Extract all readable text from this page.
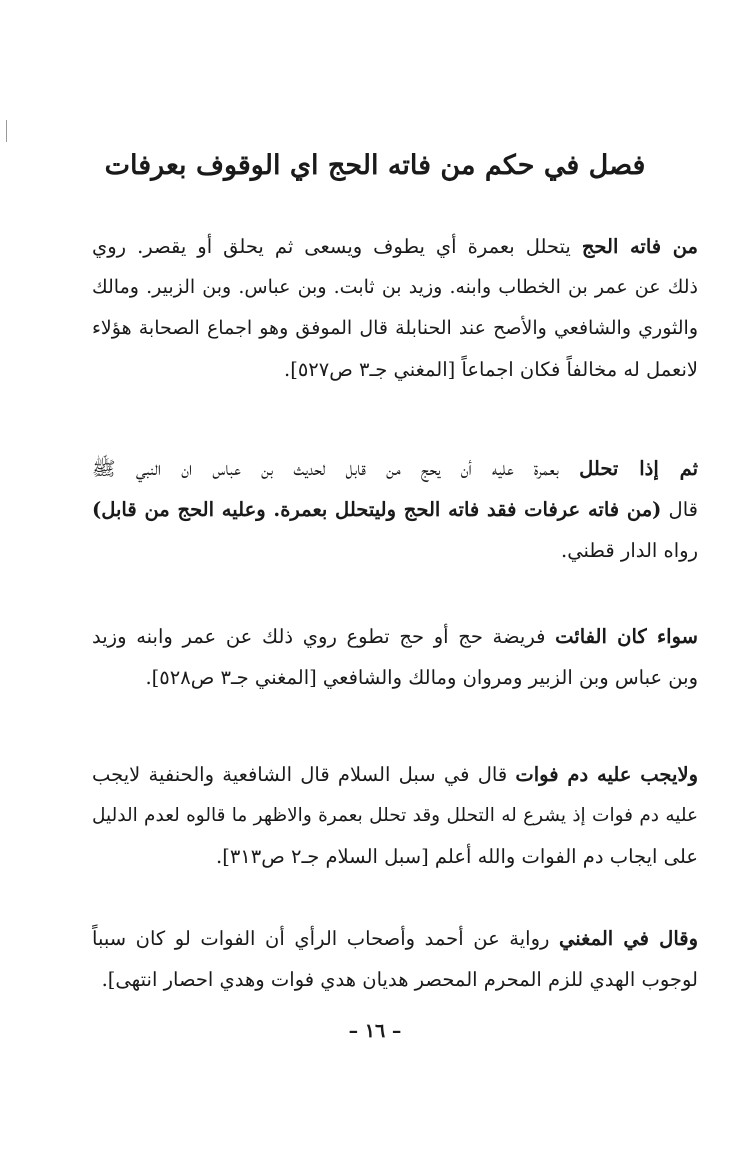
فصل في حكم من فاته الحج اي الوقوف بعرفات
من فاته الحج يتحلل بعمرة أي يطوف ويسعى ثم يحلق أو يقصر. روي
ذلك عن عمر بن الخطاب وابنه. وزيد بن ثابت. وبن عباس. وبن الزبير. ومالك
والثوري والشافعي والأصح عند الحنابلة قال الموفق وهو اجماع الصحابة هؤلاء
لانعمل له مخالفاً فكان اجماعاً [المغني جـ٣ ص٥٢٧].
ثم إذا تحلل بعمرة عليه أن يحج من قابل لحديث بن عباس ان النبي ﷺ
قال (من فاته عرفات فقد فاته الحج وليتحلل بعمرة. وعليه الحج من قابل)
رواه الدار قطني.
سواء كان الفائت فريضة حج أو حج تطوع روي ذلك عن عمر وابنه وزيد
وبن عباس وبن الزبير ومروان ومالك والشافعي [المغني جـ٣ ص٥٢٨].
ولايجب عليه دم فوات قال في سبل السلام قال الشافعية والحنفية لايجب
عليه دم فوات إذ يشرع له التحلل وقد تحلل بعمرة والاظهر ما قالوه لعدم الدليل
على ايجاب دم الفوات والله أعلم [سبل السلام جـ٢ ص٣١٣].
وقال في المغني رواية عن أحمد وأصحاب الرأي أن الفوات لو كان سبباً
لوجوب الهدي للزم المحرم المحصر هديان هدي فوات وهدي احصار انتهى].

– ١٦ –
